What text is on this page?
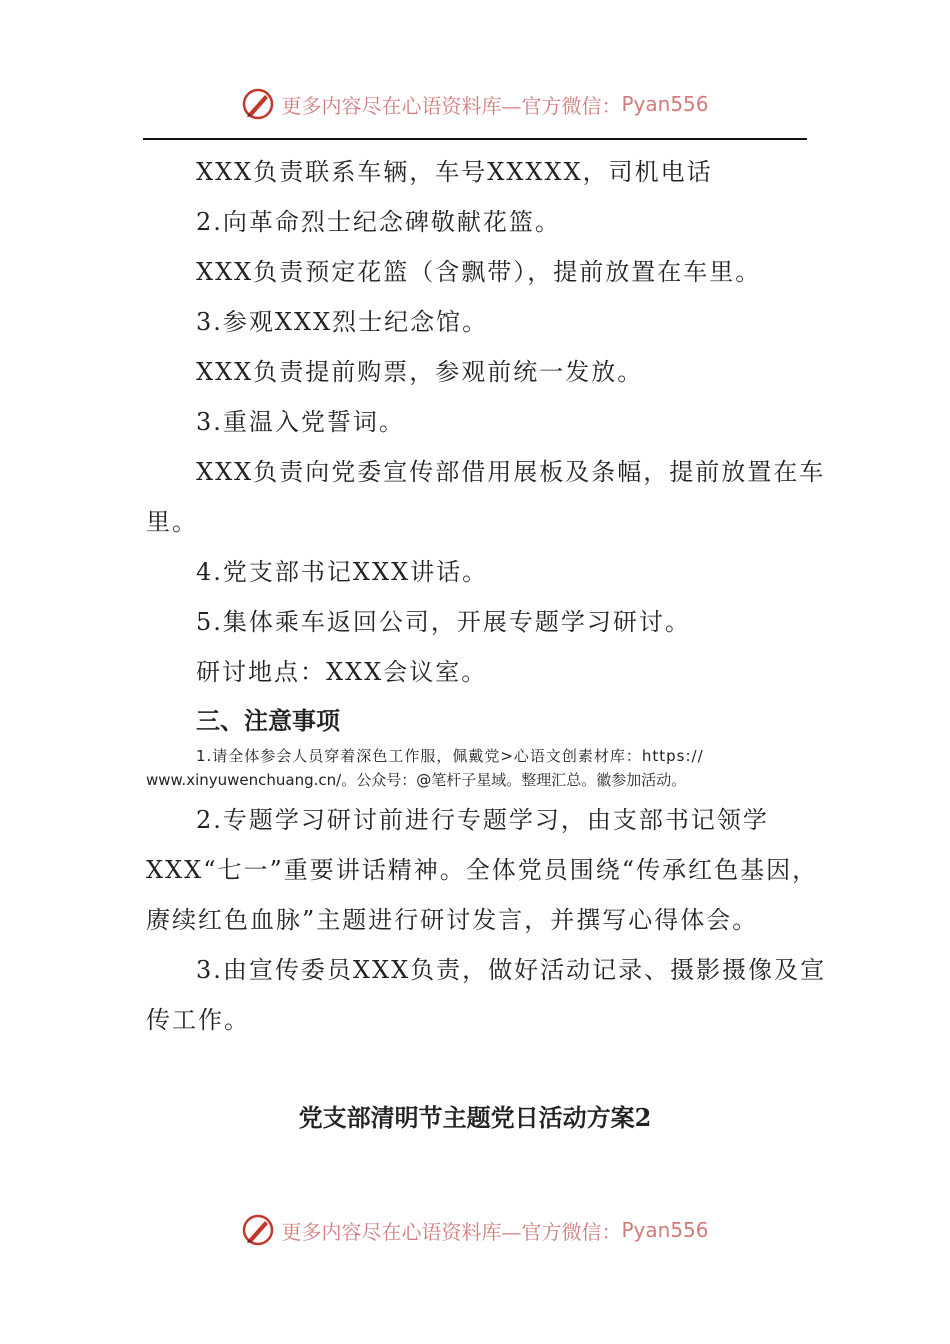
更多内容尽在心语资料库—官方微信： Pyan556
XXX负责联系车辆，车号XXXXX，司机电话
2.向革命烈士纪念碑敬献花篮。
XXX负责预定花篮（含飘带），提前放置在车里。
3.参观XXX烈士纪念馆。
XXX负责提前购票，参观前统一发放。
3.重温入党誓词。
XXX负责向党委宣传部借用展板及条幅，提前放置在车
里。
4.党支部书记XXX讲话。
5.集体乘车返回公司，开展专题学习研讨。
研讨地点：XXX会议室。
三、注意事项
1.请全体参会人员穿着深色工作服，佩戴党>心语文创素材库：https://
www.xinyuwenchuang.cn/。公众号：@笔杆子星域。整理汇总。徽参加活动。
2.专题学习研讨前进行专题学习，由支部书记领学
XXX“七一”重要讲话精神。全体党员围绕“传承红色基因，
赓续红色血脉”主题进行研讨发言，并撰写心得体会。
3.由宣传委员XXX负责，做好活动记录、摄影摄像及宣
传工作。
党支部清明节主题党日活动方案2
更多内容尽在心语资料库—官方微信： Pyan556
